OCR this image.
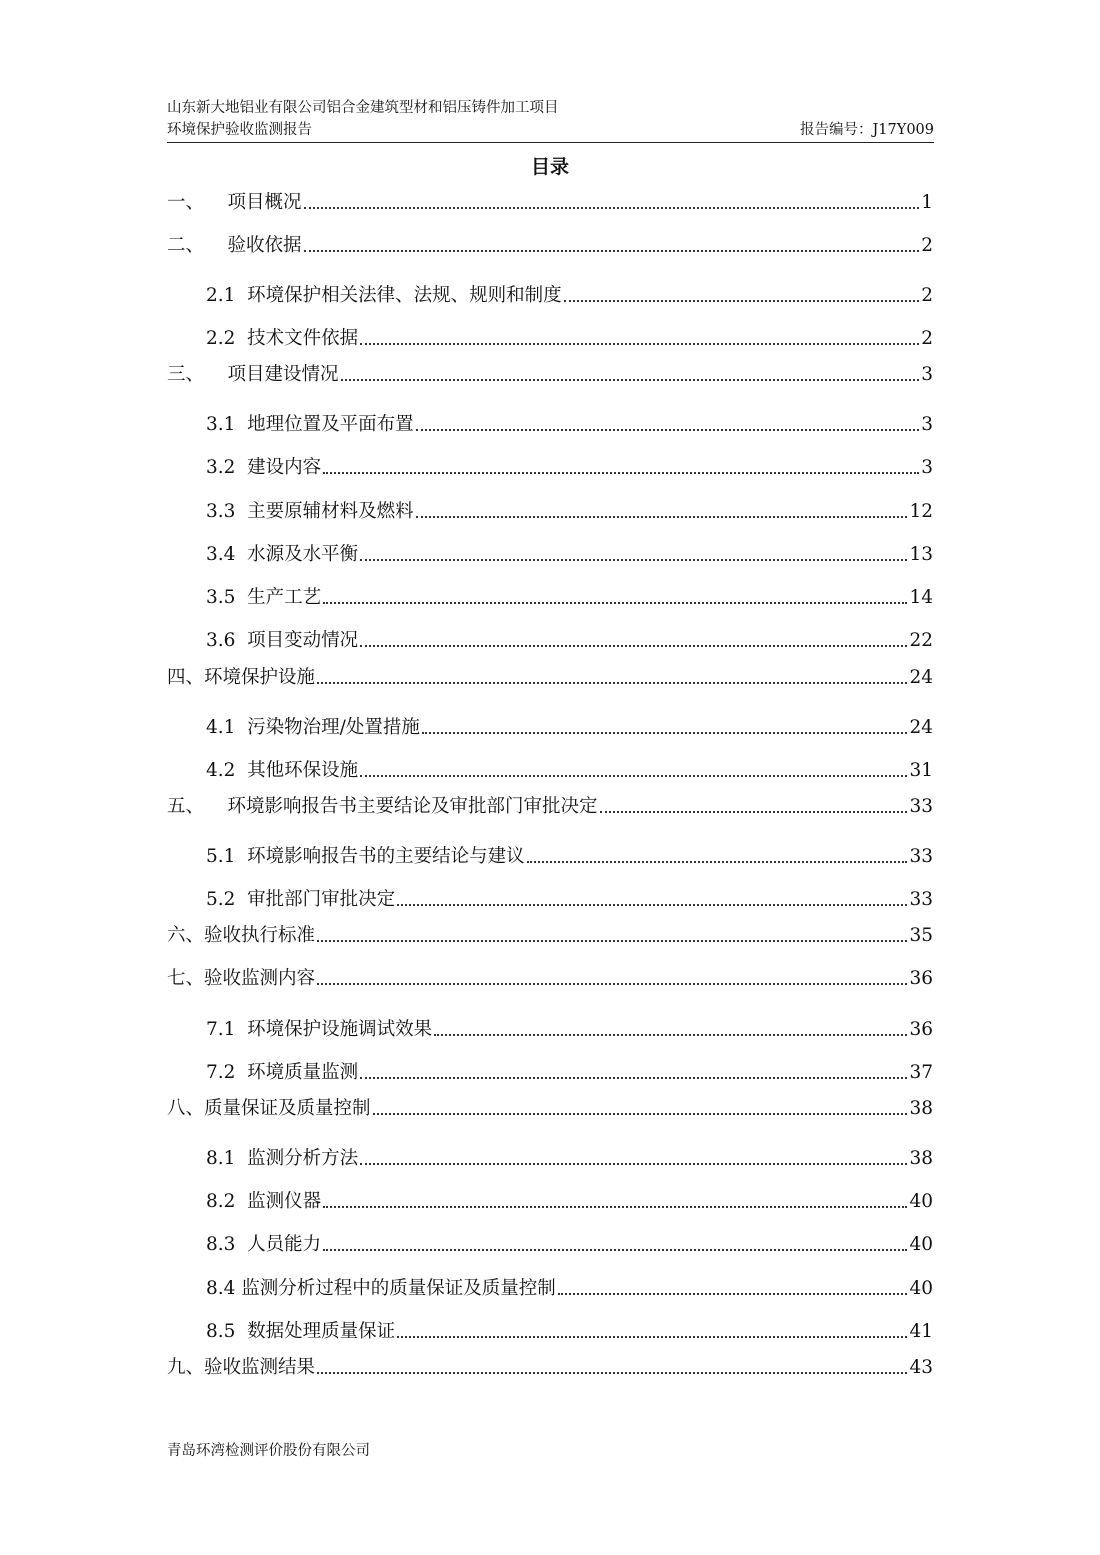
山东新大地铝业有限公司铝合金建筑型材和铝压铸件加工项目
环境保护验收监测报告	报告编号：J17Y009
目录
一、    项目概况	1
二、    验收依据	2
2.1  环境保护相关法律、法规、规则和制度	2
2.2  技术文件依据	2
三、    项目建设情况	3
3.1  地理位置及平面布置	3
3.2  建设内容	3
3.3  主要原辅材料及燃料	12
3.4  水源及水平衡	13
3.5  生产工艺	14
3.6  项目变动情况	22
四、环境保护设施	24
4.1  污染物治理/处置措施	24
4.2  其他环保设施	31
五、    环境影响报告书主要结论及审批部门审批决定	33
5.1  环境影响报告书的主要结论与建议	33
5.2  审批部门审批决定	33
六、验收执行标准	35
七、验收监测内容	36
7.1  环境保护设施调试效果	36
7.2  环境质量监测	37
八、质量保证及质量控制	38
8.1  监测分析方法	38
8.2  监测仪器	40
8.3  人员能力	40
8.4 监测分析过程中的质量保证及质量控制	40
8.5  数据处理质量保证	41
九、验收监测结果	43
青岛环湾检测评价股份有限公司
